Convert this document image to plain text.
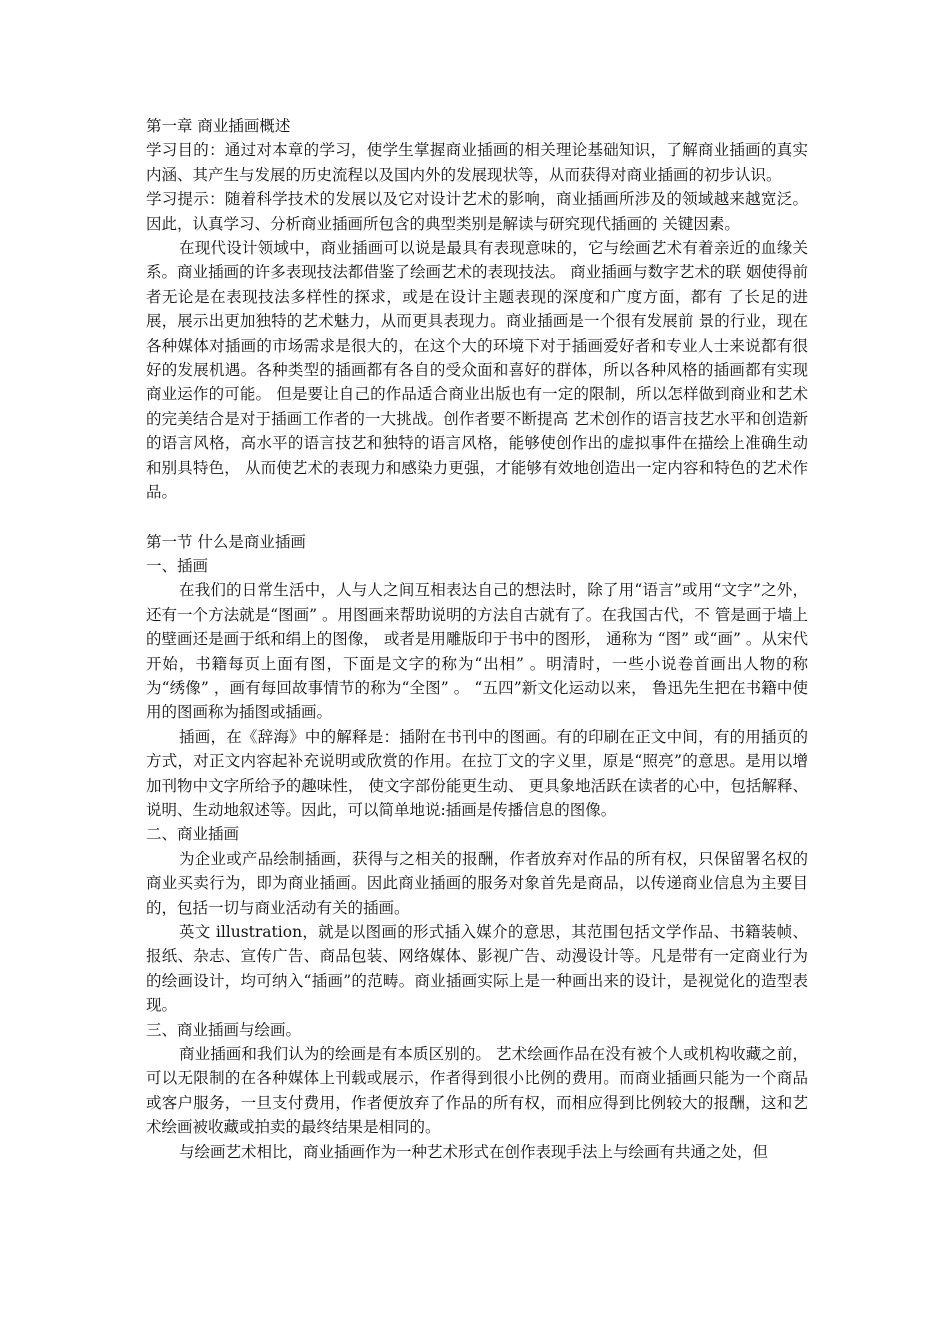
第一章 商业插画概述

学习目的：通过对本章的学习，使学生掌握商业插画的相关理论基础知识，了解商业插画的真实内涵、其产生与发展的历史流程以及国内外的发展现状等，从而获得对商业插画的初步认识。

学习提示：随着科学技术的发展以及它对设计艺术的影响，商业插画所涉及的领域越来越宽泛。因此，认真学习、分析商业插画所包含的典型类别是解读与研究现代插画的 关键因素。

在现代设计领域中，商业插画可以说是最具有表现意味的，它与绘画艺术有着亲近的血缘关系。商业插画的许多表现技法都借鉴了绘画艺术的表现技法。 商业插画与数字艺术的联 姻使得前者无论是在表现技法多样性的探求，或是在设计主题表现的深度和广度方面，都有 了长足的进展，展示出更加独特的艺术魅力，从而更具表现力。商业插画是一个很有发展前 景的行业，现在各种媒体对插画的市场需求是很大的，在这个大的环境下对于插画爱好者和专业人士来说都有很好的发展机遇。各种类型的插画都有各自的受众面和喜好的群体，所以各种风格的插画都有实现商业运作的可能。 但是要让自己的作品适合商业出版也有一定的限制，所以怎样做到商业和艺术的完美结合是对于插画工作者的一大挑战。创作者要不断提高 艺术创作的语言技艺水平和创造新的语言风格，高水平的语言技艺和独特的语言风格，能够使创作出的虚拟事件在描绘上准确生动和别具特色， 从而使艺术的表现力和感染力更强，才能够有效地创造出一定内容和特色的艺术作品。

第一节 什么是商业插画

一、插画

在我们的日常生活中，人与人之间互相表达自己的想法时，除了用“语言”或用“文字”之外，还有一个方法就是“图画” 。用图画来帮助说明的方法自古就有了。在我国古代，不 管是画于墙上的壁画还是画于纸和绢上的图像， 或者是用雕版印于书中的图形， 通称为 “图” 或“画” 。从宋代开始，书籍每页上面有图，下面是文字的称为“出相” 。明清时，一些小说卷首画出人物的称为“绣像” ，画有每回故事情节的称为“全图” 。 “五四”新文化运动以来， 鲁迅先生把在书籍中使用的图画称为插图或插画。

插画，在《辞海》中的解释是：插附在书刊中的图画。有的印刷在正文中间，有的用插页的方式，对正文内容起补充说明或欣赏的作用。在拉丁文的字义里，原是“照亮”的意思。是用以增加刊物中文字所给予的趣味性， 使文字部份能更生动、 更具象地活跃在读者的心中，包括解释、说明、生动地叙述等。因此，可以简单地说:插画是传播信息的图像。

二、商业插画

为企业或产品绘制插画，获得与之相关的报酬，作者放弃对作品的所有权，只保留署名权的商业买卖行为，即为商业插画。因此商业插画的服务对象首先是商品，以传递商业信息为主要目的，包括一切与商业活动有关的插画。

英文 illustration，就是以图画的形式插入媒介的意思，其范围包括文学作品、书籍装帧、报纸、杂志、宣传广告、商品包装、网络媒体、影视广告、动漫设计等。凡是带有一定商业行为的绘画设计，均可纳入“插画”的范畴。商业插画实际上是一种画出来的设计，是视觉化的造型表现。

三、商业插画与绘画。

商业插画和我们认为的绘画是有本质区别的。 艺术绘画作品在没有被个人或机构收藏之前，可以无限制的在各种媒体上刊载或展示，作者得到很小比例的费用。而商业插画只能为一个商品或客户服务，一旦支付费用，作者便放弃了作品的所有权，而相应得到比例较大的报酬，这和艺术绘画被收藏或拍卖的最终结果是相同的。

与绘画艺术相比，商业插画作为一种艺术形式在创作表现手法上与绘画有共通之处，但
